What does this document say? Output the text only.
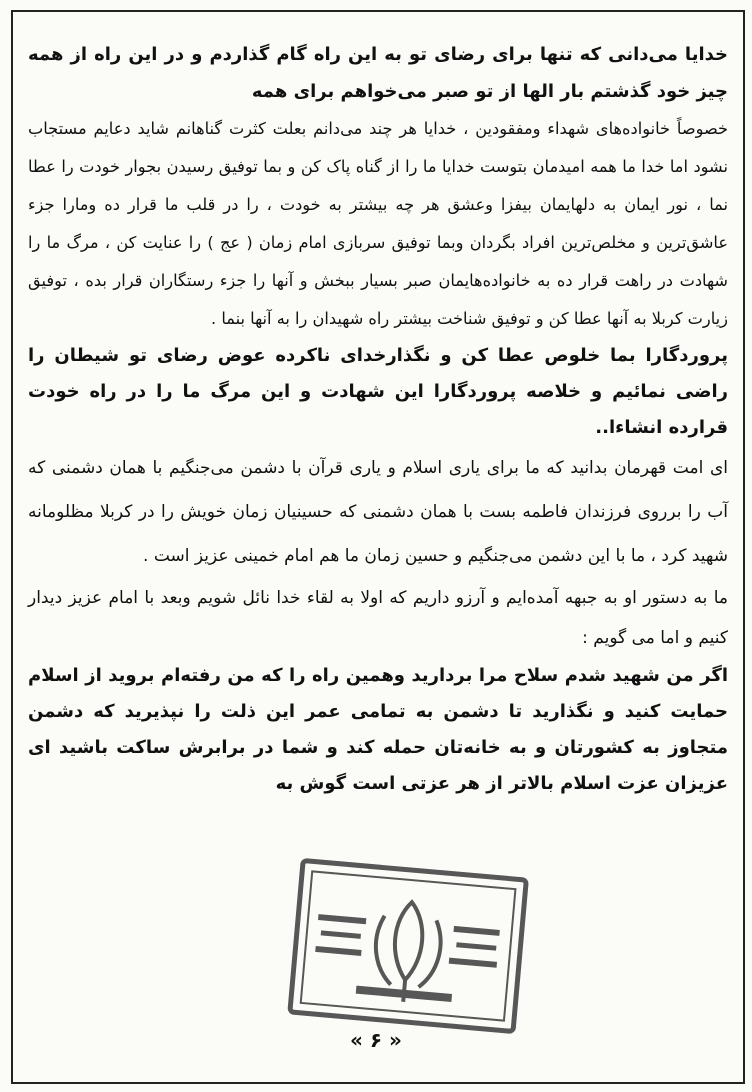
خدایا می‌دانی که تنها برای رضای تو به این راه گام گذاردم و در این راه از همه چیز خود گذشتم بار الها از تو صبر می‌خواهم برای همه

خصوصاً خانواده‌های شهداء ومفقودین ، خدایا هر چند می‌دانم بعلت کثرت گناهانم شاید دعایم مستجاب نشود اما خدا ما همه امیدمان بتوست خدایا ما را از گناه پاک کن و بما توفیق رسیدن بجوار خودت را عطا نما ، نور ایمان به دلهایمان بیفزا وعشق هر چه بیشتر به خودت ، را در قلب ما قرار ده ومارا جزء عاشق‌ترین و مخلص‌ترین افراد بگردان وبما توفیق سربازی امام زمان ( عج ) را عنایت کن ، مرگ ما را شهادت در راهت قرار ده به خانواده‌هایمان صبر بسیار ببخش و آنها را جزء رستگاران قرار بده ، توفیق زیارت کربلا به آنها عطا کن و توفیق شناخت بیشتر راه شهیدان را به آنها بنما .

پروردگارا بما خلوص عطا کن و نگذارخدای ناکرده عوض رضای تو شیطان را راضی نمائیم و خلاصه پروردگارا این شهادت و این مرگ ما را در راه خودت قرارده انشاءا..

ای امت قهرمان بدانید که ما برای یاری اسلام و یاری قرآن با دشمن می‌جنگیم با همان دشمنی که آب را برروی فرزندان فاطمه بست با همان دشمنی که حسینیان زمان خویش را در کربلا مظلومانه شهید کرد ، ما با این دشمن می‌جنگیم و حسین زمان ما هم امام خمینی عزیز است .

ما به دستور او به جبهه آمده‌ایم و آرزو داریم که اولا به لقاء خدا نائل شویم وبعد با امام عزیز دیدار کنیم و اما می گویم :

اگر من شهید شدم سلاح مرا بردارید وهمین راه را که من رفته‌ام بروید از اسلام حمایت کنید و نگذارید تا دشمن به تمامی عمر این ذلت را نپذیرید که دشمن متجاوز به کشورتان و به خانه‌تان حمله کند و شما در برابرش ساکت باشید ای عزیزان عزت اسلام بالاتر از هر عزتی است گوش به

« ۶ »
